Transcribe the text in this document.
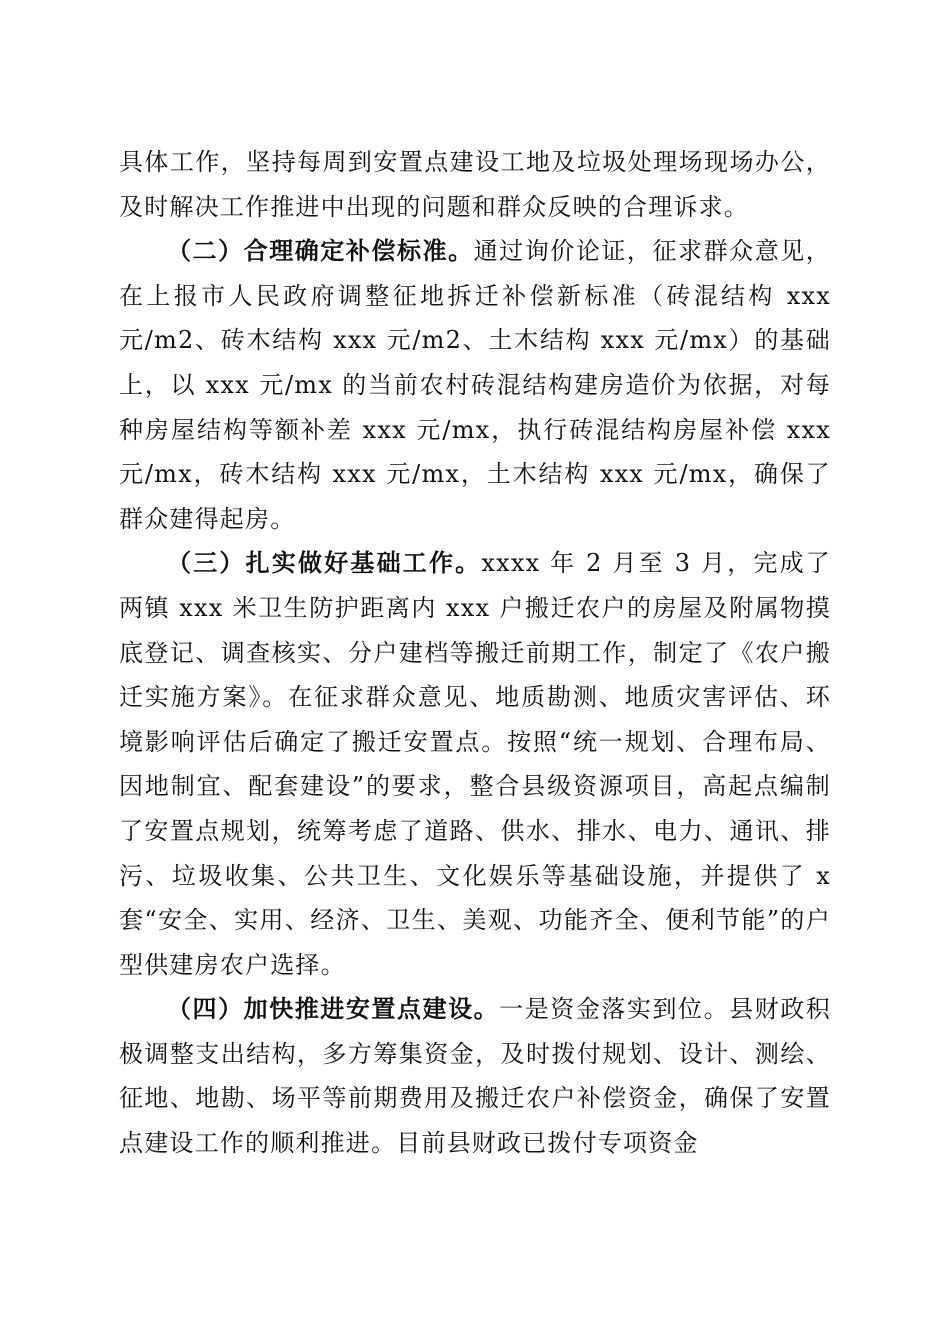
具体工作，坚持每周到安置点建设工地及垃圾处理场现场办公，及时解决工作推进中出现的问题和群众反映的合理诉求。

（二）合理确定补偿标准。通过询价论证，征求群众意见，在上报市人民政府调整征地拆迁补偿新标准（砖混结构 xxx 元/m2、砖木结构 xxx 元/m2、土木结构 xxx 元/mx）的基础上，以 xxx 元/mx 的当前农村砖混结构建房造价为依据，对每种房屋结构等额补差 xxx 元/mx，执行砖混结构房屋补偿 xxx 元/mx，砖木结构 xxx 元/mx，土木结构 xxx 元/mx，确保了群众建得起房。

（三）扎实做好基础工作。xxxx 年 2 月至 3 月，完成了两镇 xxx 米卫生防护距离内 xxx 户搬迁农户的房屋及附属物摸底登记、调查核实、分户建档等搬迁前期工作，制定了《农户搬迁实施方案》。在征求群众意见、地质勘测、地质灾害评估、环境影响评估后确定了搬迁安置点。按照“统一规划、合理布局、因地制宜、配套建设”的要求，整合县级资源项目，高起点编制了安置点规划，统筹考虑了道路、供水、排水、电力、通讯、排污、垃圾收集、公共卫生、文化娱乐等基础设施，并提供了 x 套“安全、实用、经济、卫生、美观、功能齐全、便利节能”的户型供建房农户选择。

（四）加快推进安置点建设。一是资金落实到位。县财政积极调整支出结构，多方筹集资金，及时拨付规划、设计、测绘、征地、地勘、场平等前期费用及搬迁农户补偿资金，确保了安置点建设工作的顺利推进。目前县财政已拨付专项资金
